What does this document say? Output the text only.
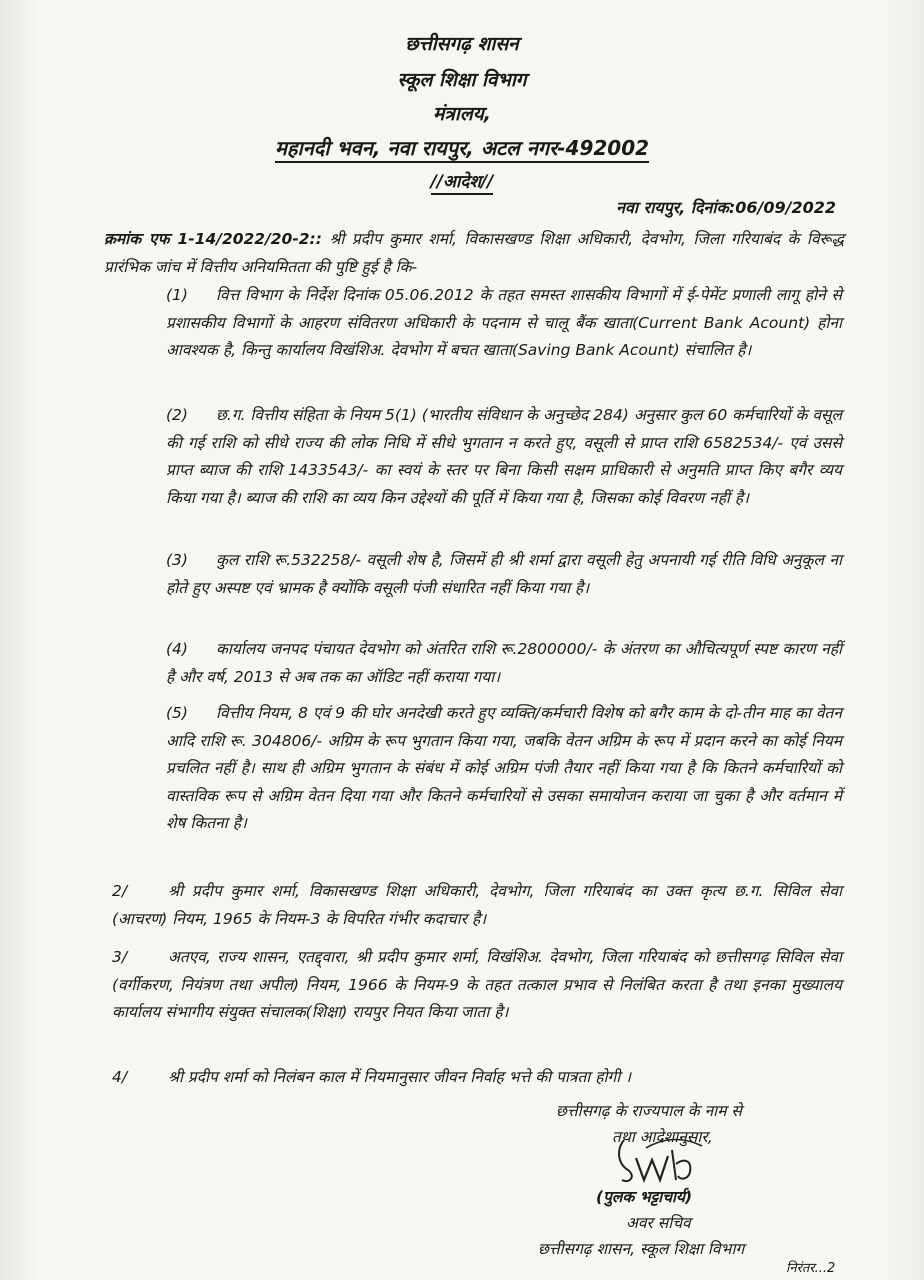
छत्तीसगढ़ शासन
स्कूल शिक्षा विभाग
मंत्रालय,
महानदी भवन, नवा रायपुर, अटल नगर-492002
//आदेश//
नवा रायपुर, दिनांक:06/09/2022
क्रमांक एफ 1-14/2022/20-2:: श्री प्रदीप कुमार शर्मा, विकासखण्ड शिक्षा अधिकारी, देवभोग, जिला गरियाबंद के विरूद्ध प्रारंभिक जांच में वित्तीय अनियमितता की पुष्टि हुई है कि-
(1) वित्त विभाग के निर्देश दिनांक 05.06.2012 के तहत समस्त शासकीय विभागों में ई-पेमेंट प्रणाली लागू होने से प्रशासकीय विभागों के आहरण संवितरण अधिकारी के पदनाम से चालू बैंक खाता(Current Bank Acount) होना आवश्यक है, किन्तु कार्यालय विखंशिअ. देवभोग में बचत खाता(Saving Bank Acount) संचालित है।
(2) छ.ग. वित्तीय संहिता के नियम 5(1) (भारतीय संविधान के अनुच्छेद 284) अनुसार कुल 60 कर्मचारियों के वसूल की गई राशि को सीधे राज्य की लोक निधि में सीधे भुगतान न करते हुए, वसूली से प्राप्त राशि 6582534/- एवं उससे प्राप्त ब्याज की राशि 1433543/- का स्वयं के स्तर पर बिना किसी सक्षम प्राधिकारी से अनुमति प्राप्त किए बगैर व्यय किया गया है। ब्याज की राशि का व्यय किन उद्देश्यों की पूर्ति में किया गया है, जिसका कोई विवरण नहीं है।
(3) कुल राशि रू.532258/- वसूली शेष है, जिसमें ही श्री शर्मा द्वारा वसूली हेतु अपनायी गई रीति विधि अनुकूल ना होते हुए अस्पष्ट एवं भ्रामक है क्योंकि वसूली पंजी संधारित नहीं किया गया है।
(4) कार्यालय जनपद पंचायत देवभोग को अंतरित राशि रू.2800000/- के अंतरण का औचित्यपूर्ण स्पष्ट कारण नहीं है और वर्ष, 2013 से अब तक का ऑडिट नहीं कराया गया।
(5) वित्तीय नियम, 8 एवं 9 की घोर अनदेखी करते हुए व्यक्ति/कर्मचारी विशेष को बगैर काम के दो-तीन माह का वेतन आदि राशि रू. 304806/- अग्रिम के रूप भुगतान किया गया, जबकि वेतन अग्रिम के रूप में प्रदान करने का कोई नियम प्रचलित नहीं है। साथ ही अग्रिम भुगतान के संबंध में कोई अग्रिम पंजी तैयार नहीं किया गया है कि कितने कर्मचारियों को वास्तविक रूप से अग्रिम वेतन दिया गया और कितने कर्मचारियों से उसका समायोजन कराया जा चुका है और वर्तमान में शेष कितना है।
2/	श्री प्रदीप कुमार शर्मा, विकासखण्ड शिक्षा अधिकारी, देवभोग, जिला गरियाबंद का उक्त कृत्य छ.ग. सिविल सेवा (आचरण) नियम, 1965 के नियम-3 के विपरित गंभीर कदाचार है।
3/	अतएव, राज्य शासन, एतद्द्वारा, श्री प्रदीप कुमार शर्मा, विखंशिअ. देवभोग, जिला गरियाबंद को छत्तीसगढ़ सिविल सेवा (वर्गीकरण, नियंत्रण तथा अपील) नियम, 1966 के नियम-9 के तहत तत्काल प्रभाव से निलंबित करता है तथा इनका मुख्यालय कार्यालय संभागीय संयुक्त संचालक(शिक्षा) रायपुर नियत किया जाता है।
4/	श्री प्रदीप शर्मा को निलंबन काल में नियमानुसार जीवन निर्वाह भत्ते की पात्रता होगी ।
छत्तीसगढ़ के राज्यपाल के नाम से
तथा आदेशानुसार,
(पुलक भट्टाचार्य)
अवर सचिव
छत्तीसगढ़ शासन, स्कूल शिक्षा विभाग
निरंतर...2
